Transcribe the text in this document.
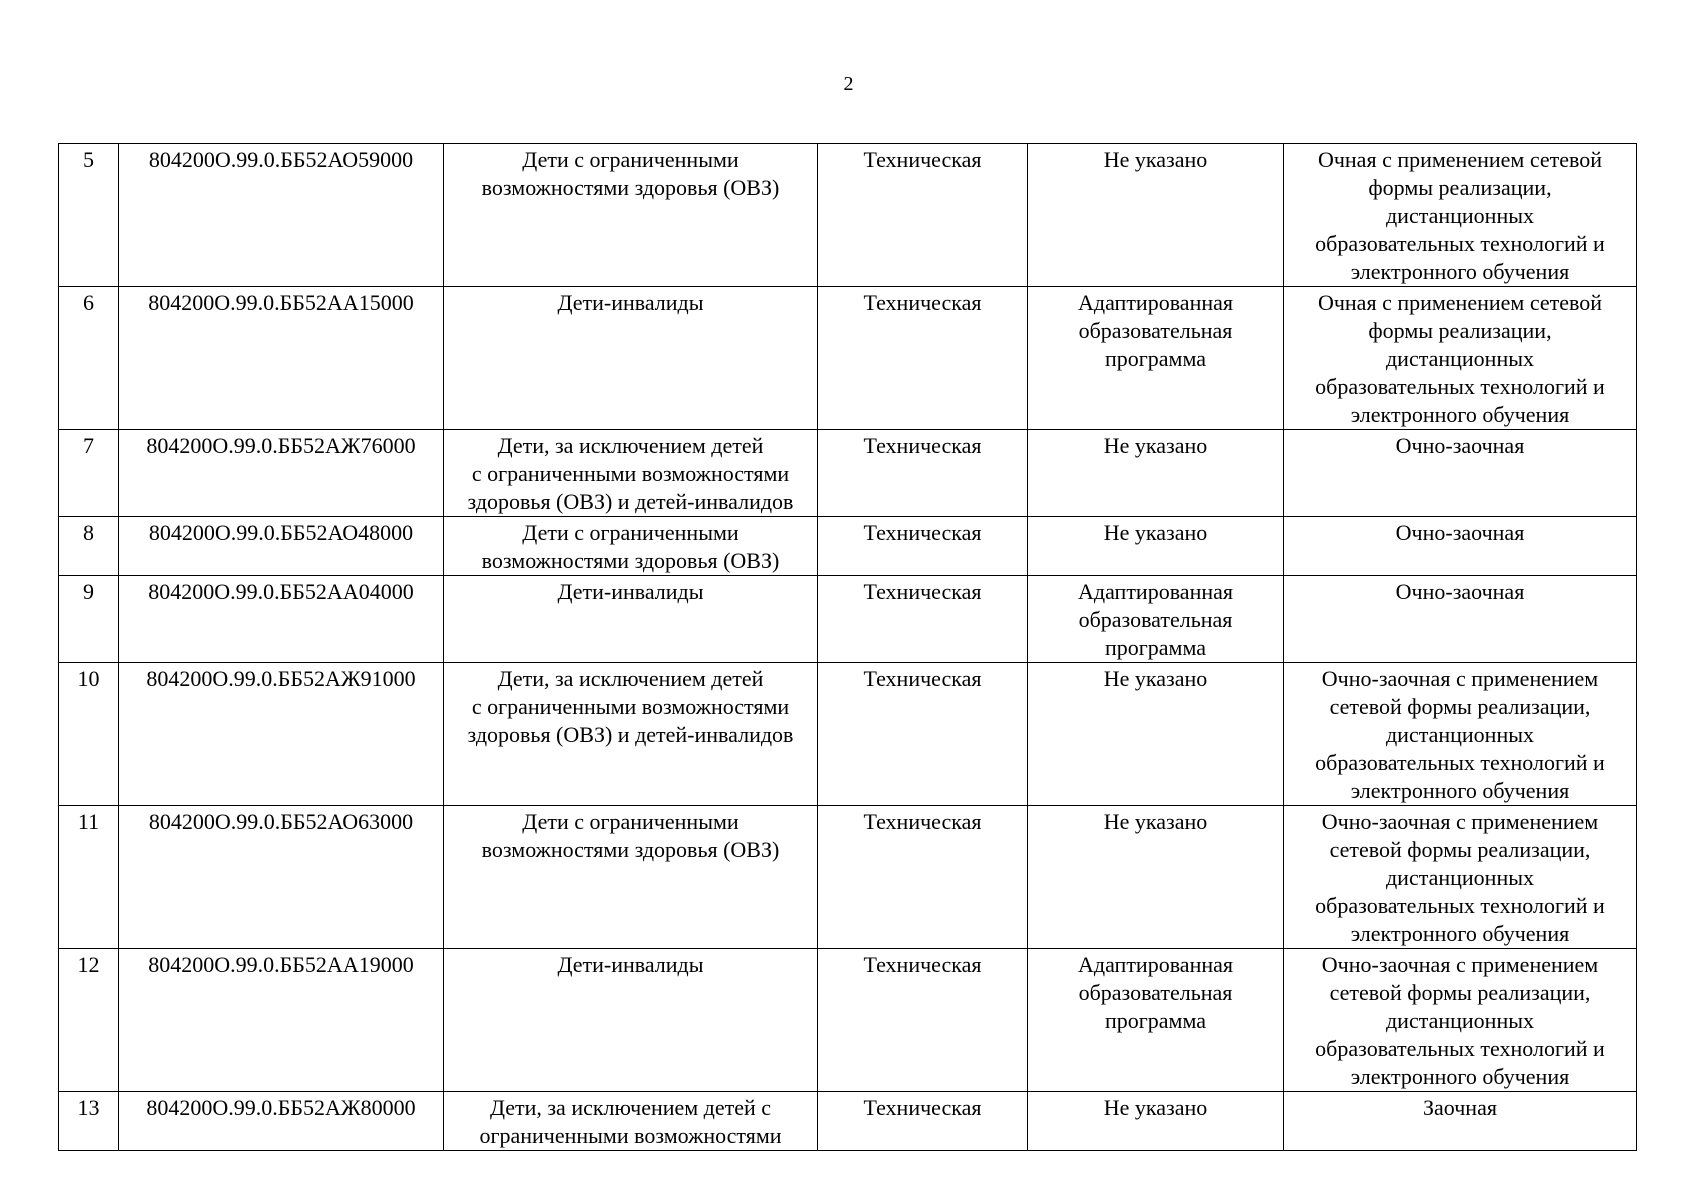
2
5	804200О.99.0.ББ52АО59000	Дети с ограниченными
возможностями здоровья (ОВЗ)	Техническая	Не указано	Очная с применением сетевой
формы реализации,
дистанционных
образовательных технологий и
электронного обучения

6	804200О.99.0.ББ52АА15000	Дети-инвалиды	Техническая	Адаптированная
образовательная
программа	Очная с применением сетевой
формы реализации,
дистанционных
образовательных технологий и
электронного обучения

7	804200О.99.0.ББ52АЖ76000	Дети, за исключением детей
с ограниченными возможностями
здоровья (ОВЗ) и детей-инвалидов	Техническая	Не указано	Очно-заочная

8	804200О.99.0.ББ52АО48000	Дети с ограниченными
возможностями здоровья (ОВЗ)	Техническая	Не указано	Очно-заочная

9	804200О.99.0.ББ52АА04000	Дети-инвалиды	Техническая	Адаптированная
образовательная
программа	Очно-заочная

10	804200О.99.0.ББ52АЖ91000	Дети, за исключением детей
с ограниченными возможностями
здоровья (ОВЗ) и детей-инвалидов	Техническая	Не указано	Очно-заочная с применением
сетевой формы реализации,
дистанционных
образовательных технологий и
электронного обучения

11	804200О.99.0.ББ52АО63000	Дети с ограниченными
возможностями здоровья (ОВЗ)	Техническая	Не указано	Очно-заочная с применением
сетевой формы реализации,
дистанционных
образовательных технологий и
электронного обучения

12	804200О.99.0.ББ52АА19000	Дети-инвалиды	Техническая	Адаптированная
образовательная
программа	Очно-заочная с применением
сетевой формы реализации,
дистанционных
образовательных технологий и
электронного обучения

13	804200О.99.0.ББ52АЖ80000	Дети, за исключением детей с
ограниченными возможностями	Техническая	Не указано	Заочная
